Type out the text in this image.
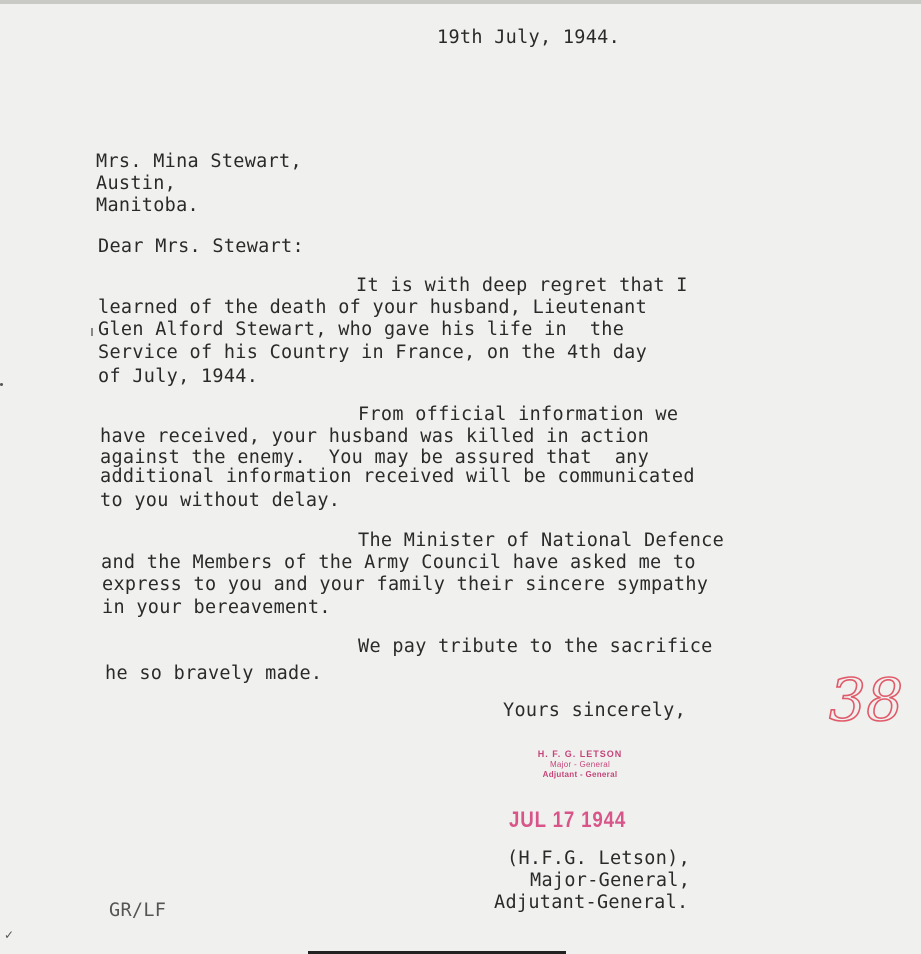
19th July, 1944.
Mrs. Mina Stewart,
Austin,
Manitoba.
Dear Mrs. Stewart:
It is with deep regret that I
learned of the death of your husband, Lieutenant
Glen Alford Stewart, who gave his life in  the
Service of his Country in France, on the 4th day
of July, 1944.
From official information we
have received, your husband was killed in action
against the enemy.  You may be assured that  any
additional information received will be communicated
to you without delay.
The Minister of National Defence
and the Members of the Army Council have asked me to
express to you and your family their sincere sympathy
in your bereavement.
We pay tribute to the sacrifice
he so bravely made.
Yours sincerely,
H. F. G. LETSON
Major - General
Adjutant - General
JUL 17 1944
(H.F.G. Letson),
Major-General,
Adjutant-General.
GR/LF
38
✓
